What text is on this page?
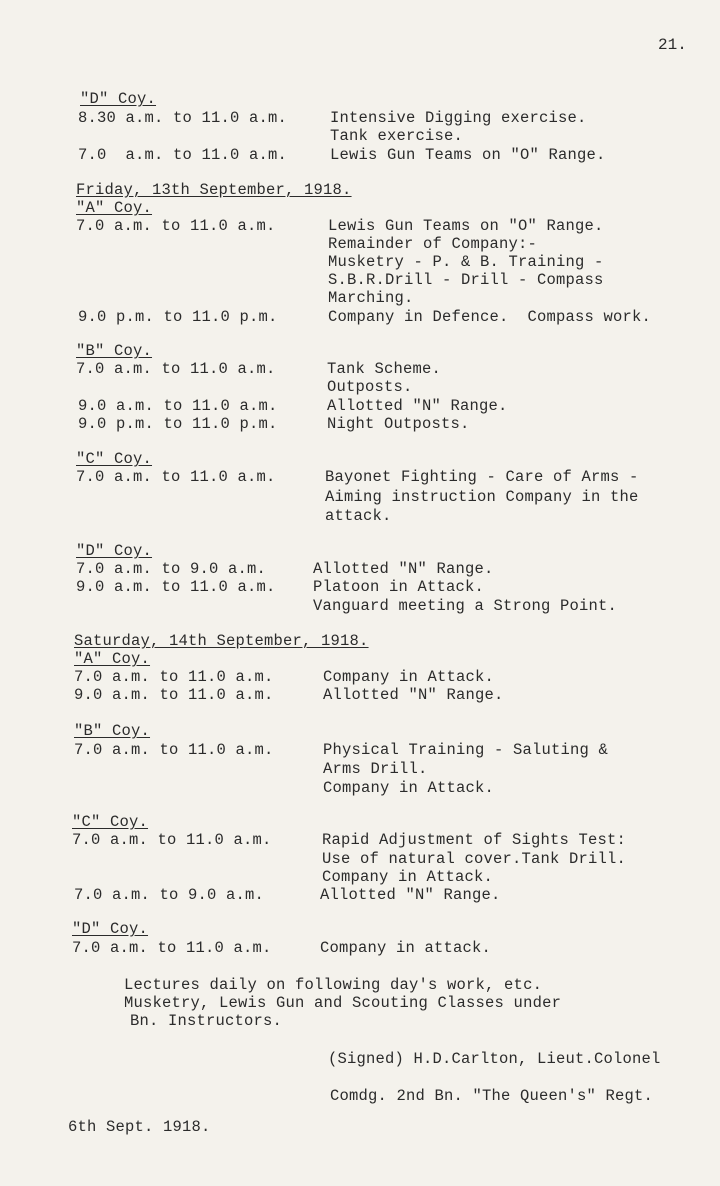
21.
"D" Coy.
8.30 a.m. to 11.0 a.m.	Intensive Digging exercise.
Tank exercise.
7.0  a.m. to 11.0 a.m.	Lewis Gun Teams on "O" Range.
Friday, 13th September, 1918.
"A" Coy.
7.0 a.m. to 11.0 a.m.	Lewis Gun Teams on "O" Range.
Remainder of Company:-
Musketry - P. & B. Training -
S.B.R.Drill - Drill - Compass
Marching.
9.0 p.m. to 11.0 p.m.	Company in Defence.  Compass work.
"B" Coy.
7.0 a.m. to 11.0 a.m.	Tank Scheme.
Outposts.
9.0 a.m. to 11.0 a.m.	Allotted "N" Range.
9.0 p.m. to 11.0 p.m.	Night Outposts.
"C" Coy.
7.0 a.m. to 11.0 a.m.	Bayonet Fighting - Care of Arms -
Aiming instruction Company in the
attack.
"D" Coy.
7.0 a.m. to 9.0 a.m.	Allotted "N" Range.
9.0 a.m. to 11.0 a.m. Platoon in Attack.
Vanguard meeting a Strong Point.
Saturday, 14th September, 1918.
"A" Coy.
7.0 a.m. to 11.0 a.m.	Company in Attack.
9.0 a.m. to 11.0 a.m.	Allotted "N" Range.
"B" Coy.
7.0 a.m. to 11.0 a.m.	Physical Training - Saluting &
Arms Drill.
Company in Attack.
"C" Coy.
7.0 a.m. to 11.0 a.m.	Rapid Adjustment of Sights Test:
Use of natural cover.Tank Drill.
Company in Attack.
7.0 a.m. to 9.0 a.m.	Allotted "N" Range.
"D" Coy.
7.0 a.m. to 11.0 a.m.	Company in attack.
Lectures daily on following day's work, etc.
Musketry, Lewis Gun and Scouting Classes under
Bn. Instructors.
(Signed) H.D.Carlton, Lieut.Colonel
Comdg. 2nd Bn. "The Queen's" Regt.
6th Sept. 1918.
